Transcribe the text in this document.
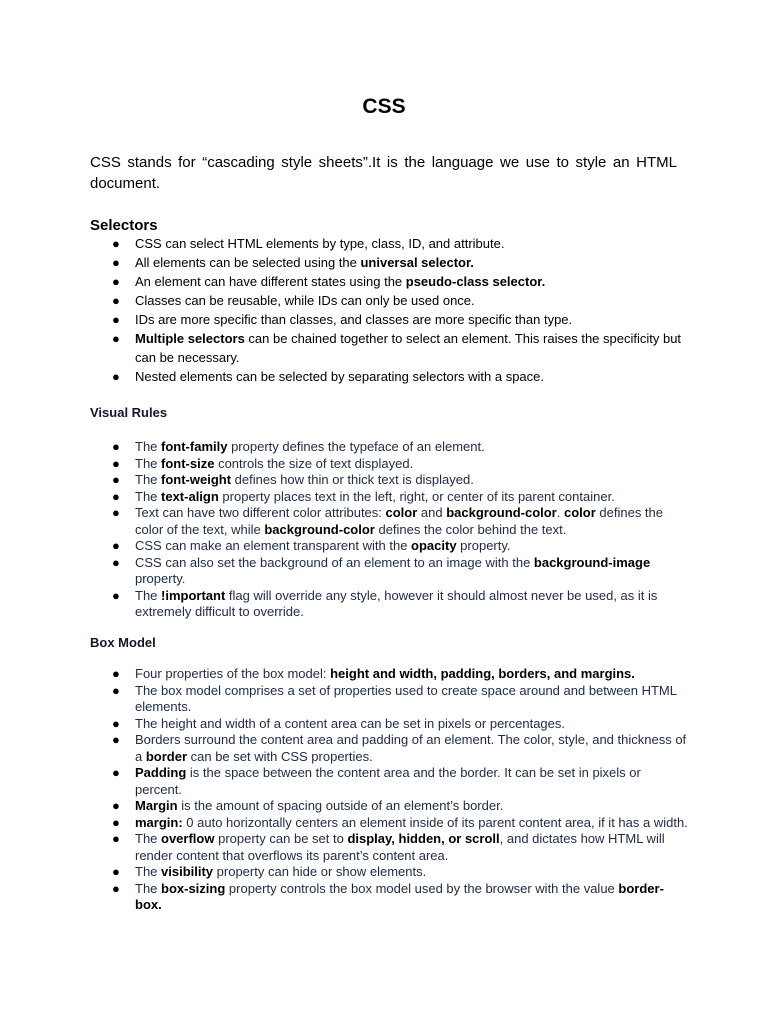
CSS
CSS stands for “cascading style sheets”.It is the language we use to style an HTML document.
Selectors
● CSS can select HTML elements by type, class, ID, and attribute.
● All elements can be selected using the universal selector.
● An element can have different states using the pseudo-class selector.
● Classes can be reusable, while IDs can only be used once.
● IDs are more specific than classes, and classes are more specific than type.
● Multiple selectors can be chained together to select an element. This raises the specificity but can be necessary.
● Nested elements can be selected by separating selectors with a space.
Visual Rules
● The font-family property defines the typeface of an element.
● The font-size controls the size of text displayed.
● The font-weight defines how thin or thick text is displayed.
● The text-align property places text in the left, right, or center of its parent container.
● Text can have two different color attributes: color and background-color. color defines the color of the text, while background-color defines the color behind the text.
● CSS can make an element transparent with the opacity property.
● CSS can also set the background of an element to an image with the background-image property.
● The !important flag will override any style, however it should almost never be used, as it is extremely difficult to override.
Box Model
● Four properties of the box model: height and width, padding, borders, and margins.
● The box model comprises a set of properties used to create space around and between HTML elements.
● The height and width of a content area can be set in pixels or percentages.
● Borders surround the content area and padding of an element. The color, style, and thickness of a border can be set with CSS properties.
● Padding is the space between the content area and the border. It can be set in pixels or percent.
● Margin is the amount of spacing outside of an element’s border.
● margin: 0 auto horizontally centers an element inside of its parent content area, if it has a width.
● The overflow property can be set to display, hidden, or scroll, and dictates how HTML will render content that overflows its parent’s content area.
● The visibility property can hide or show elements.
● The box-sizing property controls the box model used by the browser with the value border-box.
